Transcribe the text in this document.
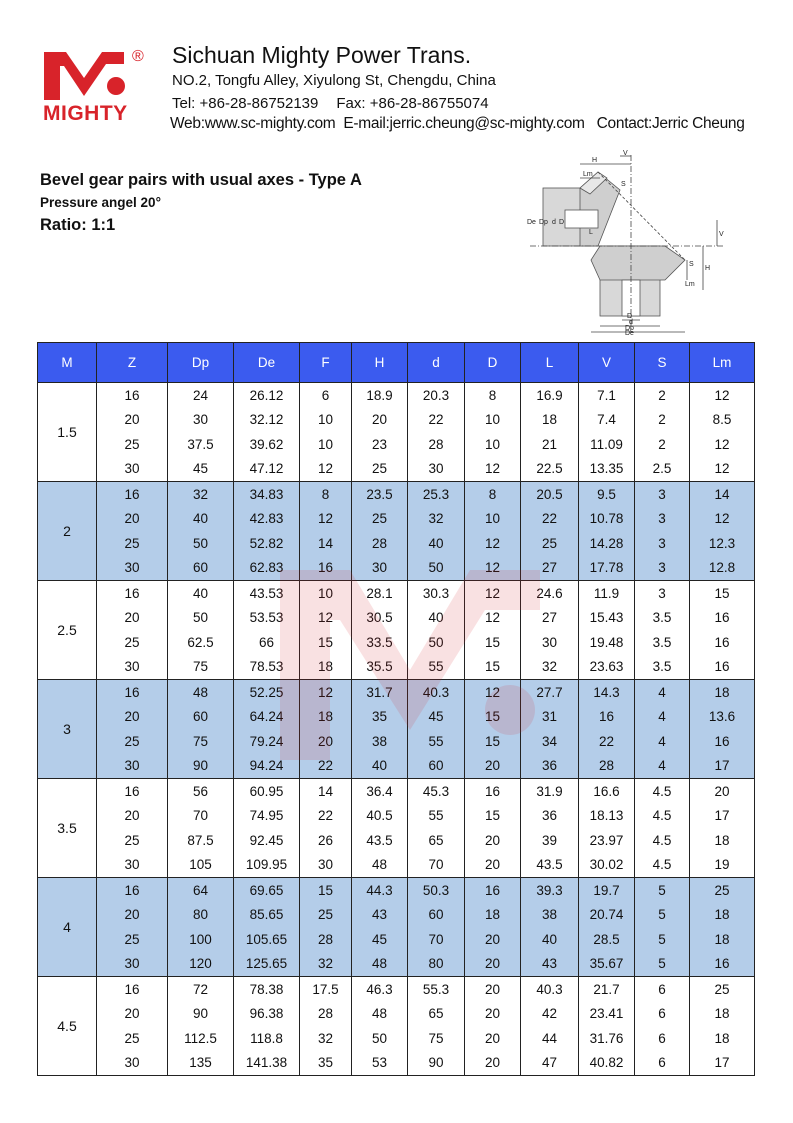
®
MIGHTY
Sichuan Mighty Power Trans.
NO.2, Tongfu Alley, Xiyulong St, Chengdu, China
Tel: +86-28-86752139 Fax: +86-28-86755074
Web:www.sc-mighty.com E-mail:jerric.cheung@sc-mighty.com Contact:Jerric Cheung
Bevel gear pairs with usual axes - Type A
Pressure angel 20°
Ratio: 1:1
H
V
Lm
S
De Dp d D
L	V
S
H
Lm
D
d
Dp
De
M	Z	Dp	De	F	H	d	D	L	V	S	Lm
1.5	16	24	26.12	6	18.9	20.3	8	16.9	7.1	2	12
	20	30	32.12	10	20	22	10	18	7.4	2	8.5
	25	37.5	39.62	10	23	28	10	21	11.09	2	12
	30	45	47.12	12	25	30	12	22.5	13.35	2.5	12
2	16	32	34.83	8	23.5	25.3	8	20.5	9.5	3	14
	20	40	42.83	12	25	32	10	22	10.78	3	12
	25	50	52.82	14	28	40	12	25	14.28	3	12.3
	30	60	62.83	16	30	50	12	27	17.78	3	12.8
2.5	16	40	43.53	10	28.1	30.3	12	24.6	11.9	3	15
	20	50	53.53	12	30.5	40	12	27	15.43	3.5	16
	25	62.5	66	15	33.5	50	15	30	19.48	3.5	16
	30	75	78.53	18	35.5	55	15	32	23.63	3.5	16
3	16	48	52.25	12	31.7	40.3	12	27.7	14.3	4	18
	20	60	64.24	18	35	45	15	31	16	4	13.6
	25	75	79.24	20	38	55	15	34	22	4	16
	30	90	94.24	22	40	60	20	36	28	4	17
3.5	16	56	60.95	14	36.4	45.3	16	31.9	16.6	4.5	20
	20	70	74.95	22	40.5	55	15	36	18.13	4.5	17
	25	87.5	92.45	26	43.5	65	20	39	23.97	4.5	18
	30	105	109.95	30	48	70	20	43.5	30.02	4.5	19
4	16	64	69.65	15	44.3	50.3	16	39.3	19.7	5	25
	20	80	85.65	25	43	60	18	38	20.74	5	18
	25	100	105.65	28	45	70	20	40	28.5	5	18
	30	120	125.65	32	48	80	20	43	35.67	5	16
4.5	16	72	78.38	17.5	46.3	55.3	20	40.3	21.7	6	25
	20	90	96.38	28	48	65	20	42	23.41	6	18
	25	112.5	118.8	32	50	75	20	44	31.76	6	18
	30	135	141.38	35	53	90	20	47	40.82	6	17
